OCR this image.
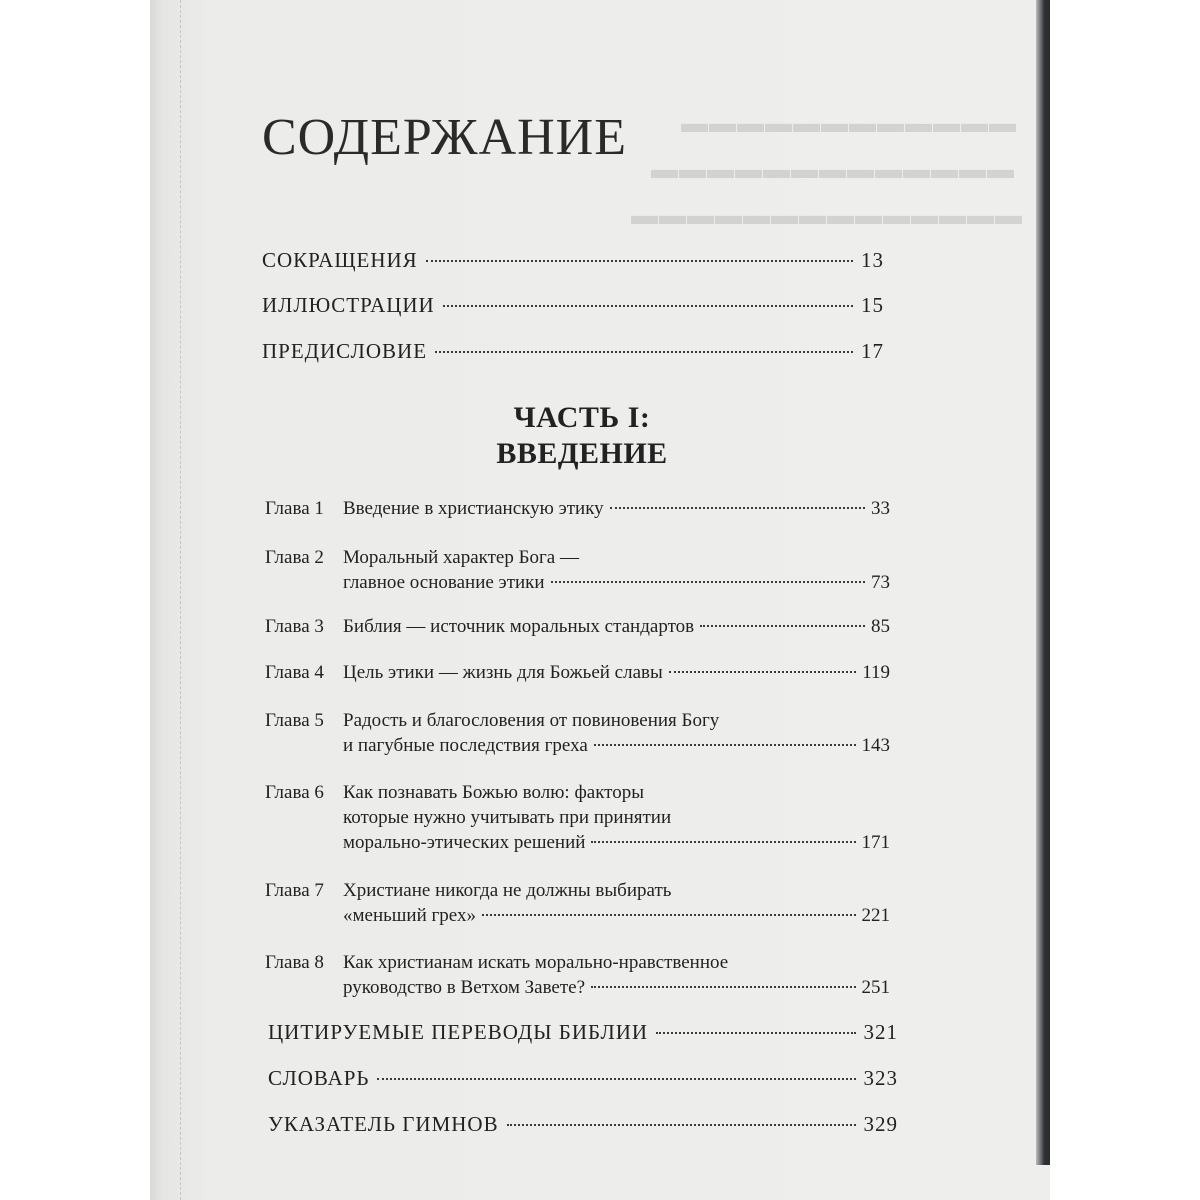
▬▬▬▬▬▬▬▬▬▬▬▬
▬▬▬▬▬▬▬▬▬▬▬▬▬
▬▬▬▬▬▬▬▬▬▬▬▬▬▬
СОДЕРЖАНИЕ
СОКРАЩЕНИЯ	13
ИЛЛЮСТРАЦИИ	15
ПРЕДИСЛОВИЕ	17
ЧАСТЬ I:
ВВЕДЕНИЕ
Глава 1	Введение в христианскую этику	33
Глава 2	Моральный характер Бога —
главное основание этики	73
Глава 3	Библия — источник моральных стандартов	85
Глава 4	Цель этики — жизнь для Божьей славы	119
Глава 5	Радость и благословения от повиновения Богу
и пагубные последствия греха	143
Глава 6	Как познавать Божью волю: факторы
которые нужно учитывать при принятии
морально-этических решений	171
Глава 7	Христиане никогда не должны выбирать
«меньший грех»	221
Глава 8	Как христианам искать морально-нравственное
руководство в Ветхом Завете?	251
ЦИТИРУЕМЫЕ ПЕРЕВОДЫ БИБЛИИ	321
СЛОВАРЬ	323
УКАЗАТЕЛЬ ГИМНОВ	329
